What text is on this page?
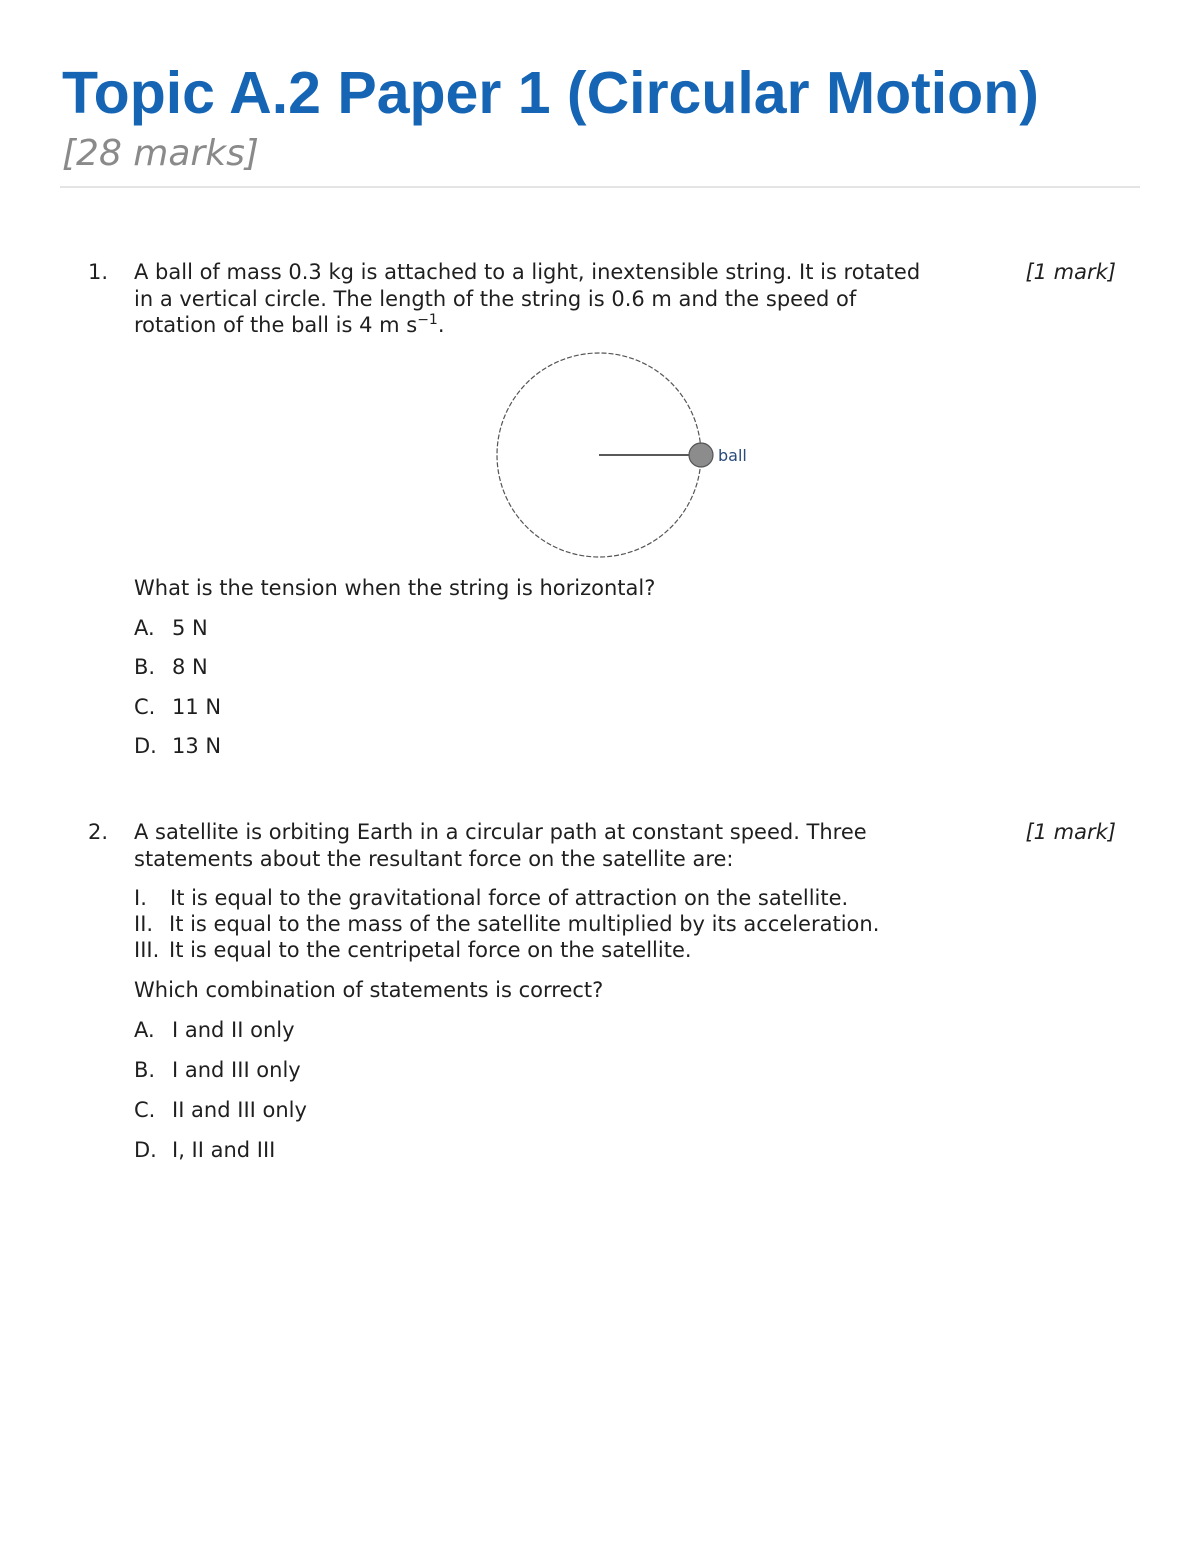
Topic A.2 Paper 1 (Circular Motion)
[28 marks]
1.	[1 mark]
A ball of mass 0.3 kg is attached to a light, inextensible string. It is rotated
in a vertical circle. The length of the string is 0.6 m and the speed of
rotation of the ball is 4 m $s^{-1}$.
ball
What is the tension when the string is horizontal?
A. 5 N
B. 8 N
C. 11 N
D. 13 N
2.	[1 mark]
A satellite is orbiting Earth in a circular path at constant speed. Three
statements about the resultant force on the satellite are:
I. It is equal to the gravitational force of attraction on the satellite.
II. It is equal to the mass of the satellite multiplied by its acceleration.
III. It is equal to the centripetal force on the satellite.
Which combination of statements is correct?
A. I and II only
B. I and III only
C. II and III only
D. I, II and III
